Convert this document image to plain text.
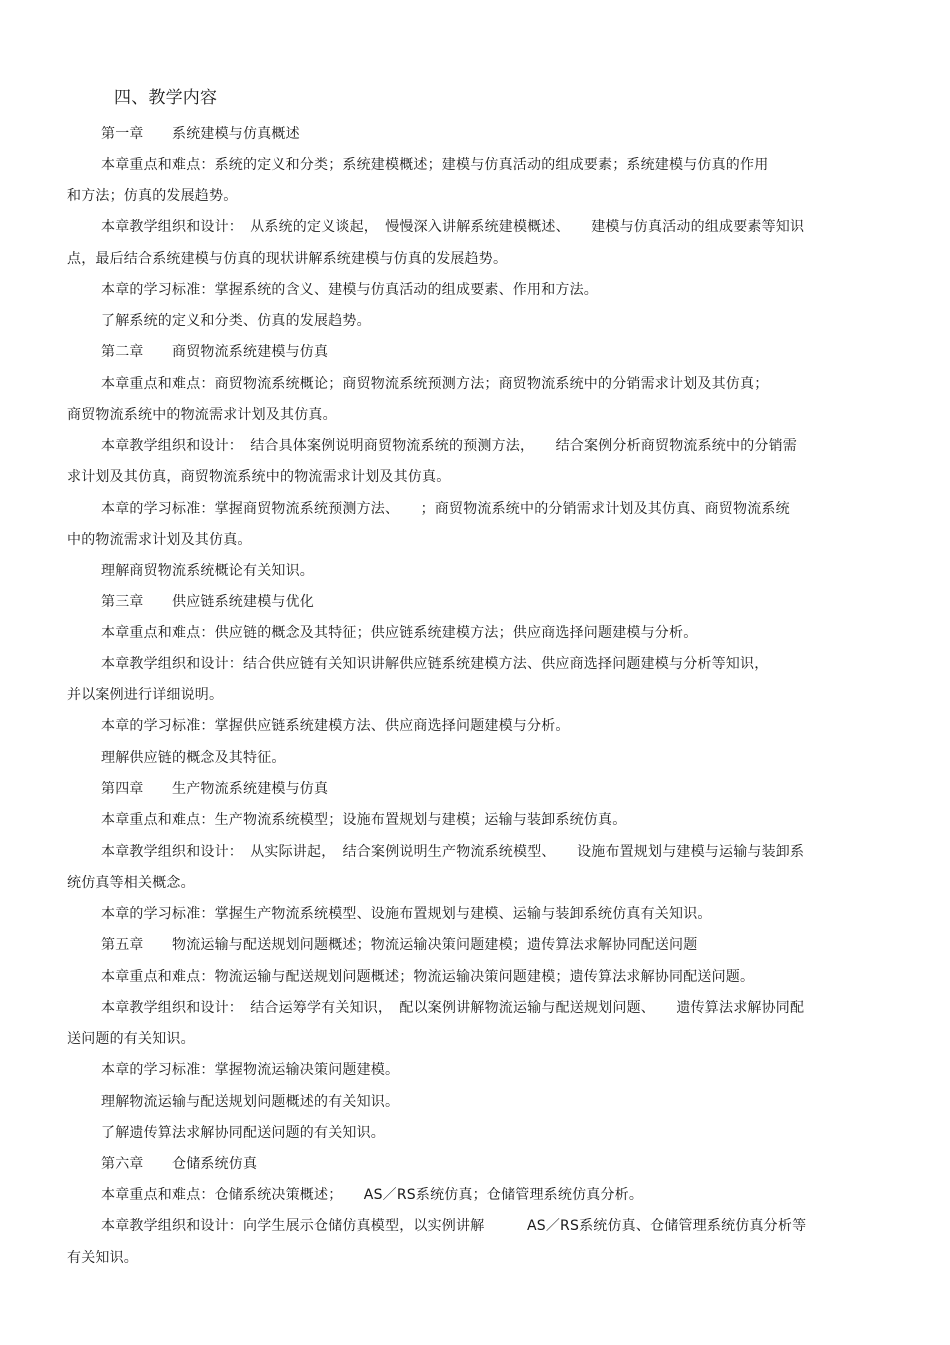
四、教学内容
第一章　　系统建模与仿真概述
本章重点和难点：系统的定义和分类；系统建模概述；建模与仿真活动的组成要素；系统建模与仿真的作用
和方法；仿真的发展趋势。
本章教学组织和设计：　从系统的定义谈起，　慢慢深入讲解系统建模概述、　　建模与仿真活动的组成要素等知识
点，最后结合系统建模与仿真的现状讲解系统建模与仿真的发展趋势。
本章的学习标准：掌握系统的含义、建模与仿真活动的组成要素、作用和方法。
了解系统的定义和分类、仿真的发展趋势。
第二章　　商贸物流系统建模与仿真
本章重点和难点：商贸物流系统概论；商贸物流系统预测方法；商贸物流系统中的分销需求计划及其仿真；
商贸物流系统中的物流需求计划及其仿真。
本章教学组织和设计：　结合具体案例说明商贸物流系统的预测方法，　　结合案例分析商贸物流系统中的分销需
求计划及其仿真，商贸物流系统中的物流需求计划及其仿真。
本章的学习标准：掌握商贸物流系统预测方法、　　；商贸物流系统中的分销需求计划及其仿真、商贸物流系统
中的物流需求计划及其仿真。
理解商贸物流系统概论有关知识。
第三章　　供应链系统建模与优化
本章重点和难点：供应链的概念及其特征；供应链系统建模方法；供应商选择问题建模与分析。
本章教学组织和设计：结合供应链有关知识讲解供应链系统建模方法、供应商选择问题建模与分析等知识，
并以案例进行详细说明。
本章的学习标准：掌握供应链系统建模方法、供应商选择问题建模与分析。
理解供应链的概念及其特征。
第四章　　生产物流系统建模与仿真
本章重点和难点：生产物流系统模型；设施布置规划与建模；运输与装卸系统仿真。
本章教学组织和设计：　从实际讲起，　结合案例说明生产物流系统模型、　　设施布置规划与建模与运输与装卸系
统仿真等相关概念。
本章的学习标准：掌握生产物流系统模型、设施布置规划与建模、运输与装卸系统仿真有关知识。
第五章　　物流运输与配送规划问题概述；物流运输决策问题建模；遗传算法求解协同配送问题
本章重点和难点：物流运输与配送规划问题概述；物流运输决策问题建模；遗传算法求解协同配送问题。
本章教学组织和设计：　结合运筹学有关知识，　配以案例讲解物流运输与配送规划问题、　　遗传算法求解协同配
送问题的有关知识。
本章的学习标准：掌握物流运输决策问题建模。
理解物流运输与配送规划问题概述的有关知识。
了解遗传算法求解协同配送问题的有关知识。
第六章　　仓储系统仿真
本章重点和难点：仓储系统决策概述；　　AS／RS系统仿真；仓储管理系统仿真分析。
本章教学组织和设计：向学生展示仓储仿真模型，以实例讲解　　　AS／RS系统仿真、仓储管理系统仿真分析等
有关知识。
